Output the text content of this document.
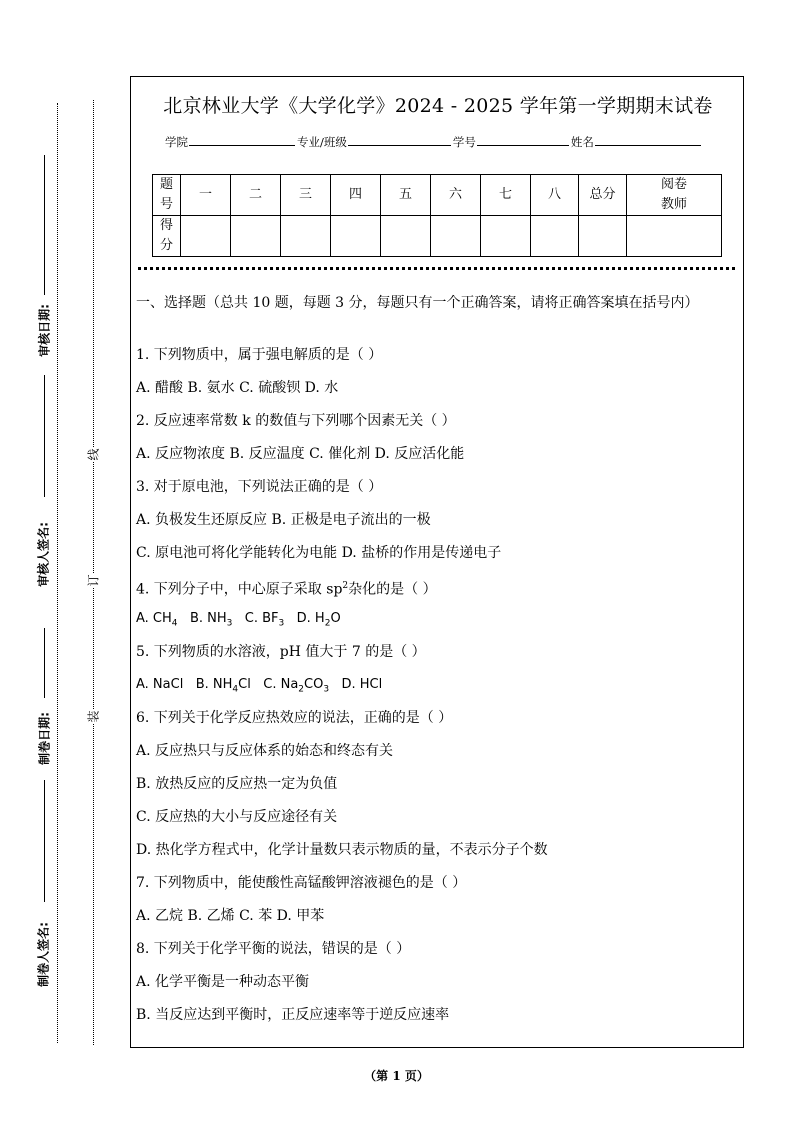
审核日期:
审核人签名:
制卷日期:
制卷人签名:
线
订
装
北京林业大学《大学化学》2024 - 2025 学年第一学期期末试卷
学院	专业/班级	学号	姓名
题号	一	二	三	四	五	六	七	八	总分	阅卷教师
得分										
一、选择题（总共 10 题，每题 3 分，每题只有一个正确答案，请将正确答案填在括号内）
1. 下列物质中，属于强电解质的是（ ）
A. 醋酸 B. 氨水 C. 硫酸钡 D. 水
2. 反应速率常数 k 的数值与下列哪个因素无关（ ）
A. 反应物浓度 B. 反应温度 C. 催化剂 D. 反应活化能
3. 对于原电池，下列说法正确的是（ ）
A. 负极发生还原反应 B. 正极是电子流出的一极
C. 原电池可将化学能转化为电能 D. 盐桥的作用是传递电子
4. 下列分子中，中心原子采取 $sp^2$杂化的是（ ）
A. $CH_4$ B. $NH_3$ C. $BF_3$ D. $H_2O$
5. 下列物质的水溶液，pH 值大于 7 的是（ ）
A. NaCl B. $NH_4Cl$ C. $Na_2CO_3$ D. HCl
6. 下列关于化学反应热效应的说法，正确的是（ ）
A. 反应热只与反应体系的始态和终态有关
B. 放热反应的反应热一定为负值
C. 反应热的大小与反应途径有关
D. 热化学方程式中，化学计量数只表示物质的量，不表示分子个数
7. 下列物质中，能使酸性高锰酸钾溶液褪色的是（ ）
A. 乙烷 B. 乙烯 C. 苯 D. 甲苯
8. 下列关于化学平衡的说法，错误的是（ ）
A. 化学平衡是一种动态平衡
B. 当反应达到平衡时，正反应速率等于逆反应速率
（第 1 页）
